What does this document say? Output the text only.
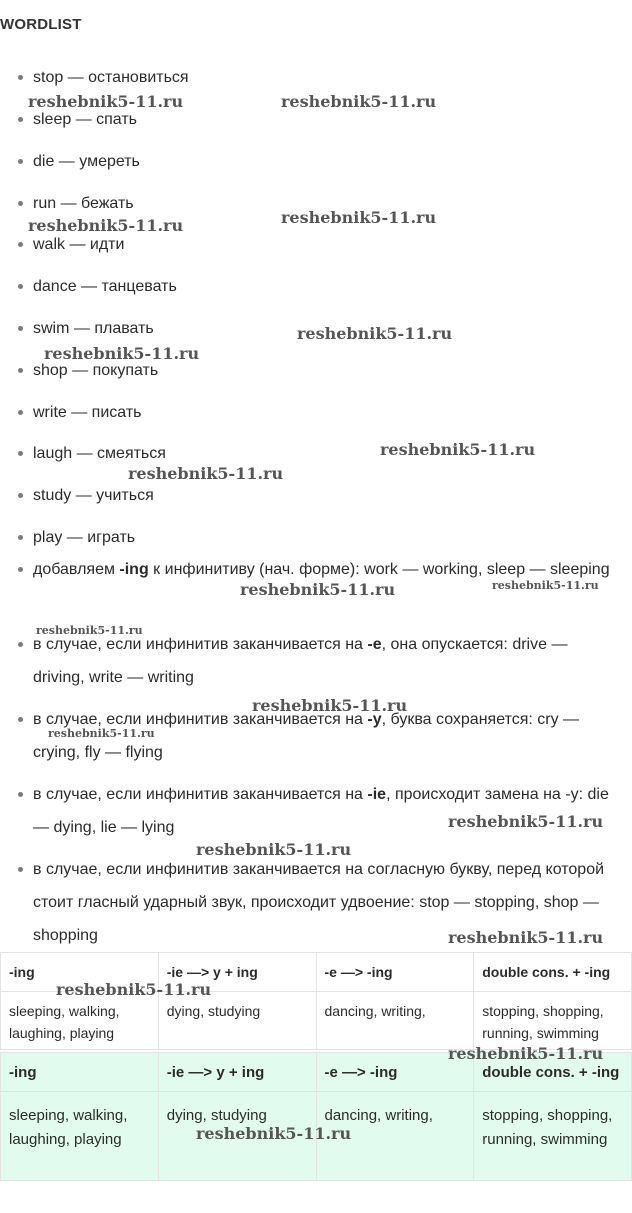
WORDLIST
stop — остановиться
sleep — спать
die — умереть
run — бежать
walk — идти
dance — танцевать
swim — плавать
shop — покупать
write — писать
laugh — смеяться
study — учиться
play — играть
добавляем -ing к инфинитиву (нач. форме): work — working, sleep — sleeping
в случае, если инфинитив заканчивается на -e, она опускается: drive — driving, write — writing
в случае, если инфинитив заканчивается на -y, буква сохраняется: cry — crying, fly — flying
в случае, если инфинитив заканчивается на -ie, происходит замена на -y: die — dying, lie — lying
в случае, если инфинитив заканчивается на согласную букву, перед которой стоит гласный ударный звук, происходит удвоение: stop — stopping, shop — shopping
-ing	-ie —> y + ing	-e —> -ing	double cons. + -ing
sleeping, walking, laughing, playing	dying, studying	dancing, writing,	stopping, shopping, running, swimming
-ing	-ie —> y + ing	-e —> -ing	double cons. + -ing
sleeping, walking, laughing, playing	dying, studying	dancing, writing,	stopping, shopping, running, swimming
reshebnik5-11.ru	reshebnik5-11.ru
reshebnik5-11.ru	reshebnik5-11.ru
reshebnik5-11.ru
reshebnik5-11.ru
reshebnik5-11.ru
reshebnik5-11.ru
reshebnik5-11.ru	reshebnik5-11.ru
reshebnik5-11.ru
reshebnik5-11.ru
reshebnik5-11.ru
reshebnik5-11.ru
reshebnik5-11.ru
reshebnik5-11.ru
reshebnik5-11.ru
reshebnik5-11.ru
reshebnik5-11.ru
